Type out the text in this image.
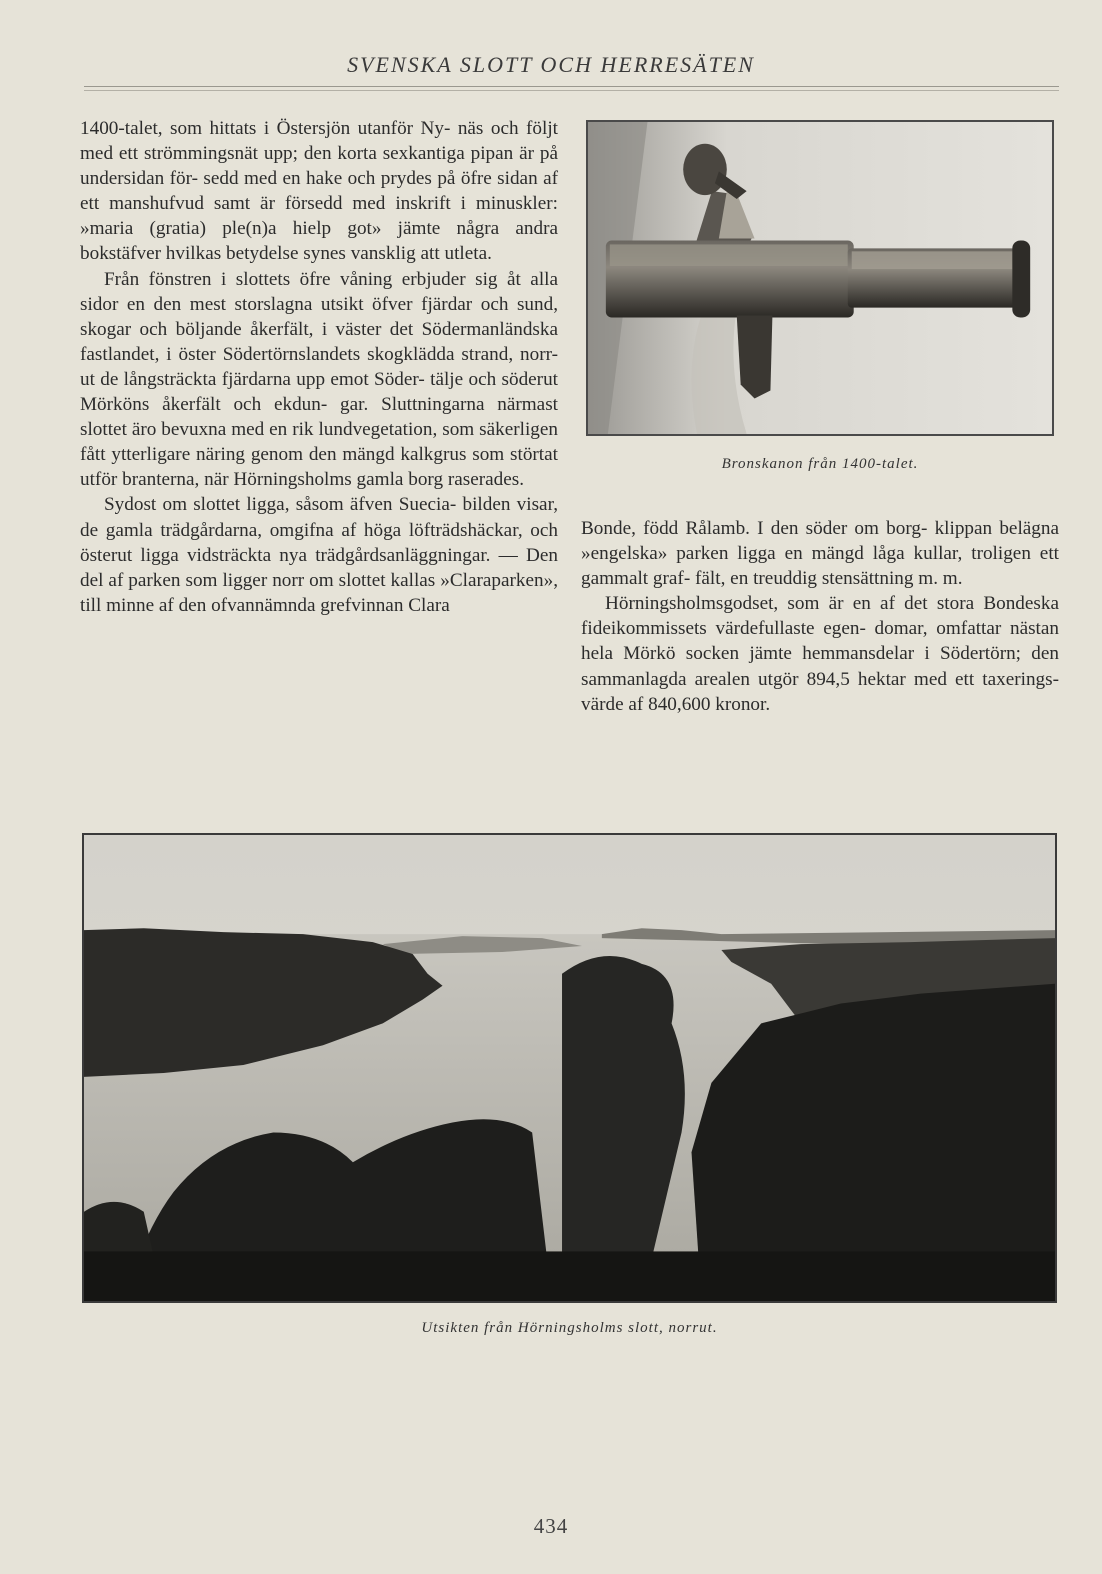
SVENSKA SLOTT OCH HERRESÄTEN

1400-talet, som hittats i Östersjön utanför Ny- näs och följt med ett strömmingsnät upp; den korta sexkantiga pipan är på undersidan för- sedd med en hake och prydes på öfre sidan af ett manshufvud samt är försedd med inskrift i minuskler: »maria (gratia) ple(n)a hielp got» jämte några andra bokstäfver hvilkas betydelse synes vansklig att utleta.

Från fönstren i slottets öfre våning erbjuder sig åt alla sidor en den mest storslagna utsikt öfver fjärdar och sund, skogar och böljande åkerfält, i väster det Södermanländska fastlandet, i öster Södertörnslandets skogklädda strand, norr- ut de långsträckta fjärdarna upp emot Söder- tälje och söderut Mörköns åkerfält och ekdun- gar. Sluttningarna närmast slottet äro bevuxna med en rik lundvegetation, som säkerligen fått ytterligare näring genom den mängd kalkgrus som störtat utför branterna, när Hörningsholms gamla borg raserades.

Sydost om slottet ligga, såsom äfven Suecia- bilden visar, de gamla trädgårdarna, omgifna af höga löfträdshäckar, och österut ligga vidsträckta nya trädgårdsanläggningar. — Den del af parken som ligger norr om slottet kallas »Claraparken», till minne af den ofvannämnda grefvinnan Clara

Bronskanon från 1400-talet.

Bonde, född Rålamb. I den söder om borg- klippan belägna »engelska» parken ligga en mängd låga kullar, troligen ett gammalt graf- fält, en treuddig stensättning m. m.

Hörningsholmsgodset, som är en af det stora Bondeska fideikommissets värdefullaste egen- domar, omfattar nästan hela Mörkö socken jämte hemmansdelar i Södertörn; den sammanlagda arealen utgör 894,5 hektar med ett taxerings- värde af 840,600 kronor.

Utsikten från Hörningsholms slott, norrut.
434
